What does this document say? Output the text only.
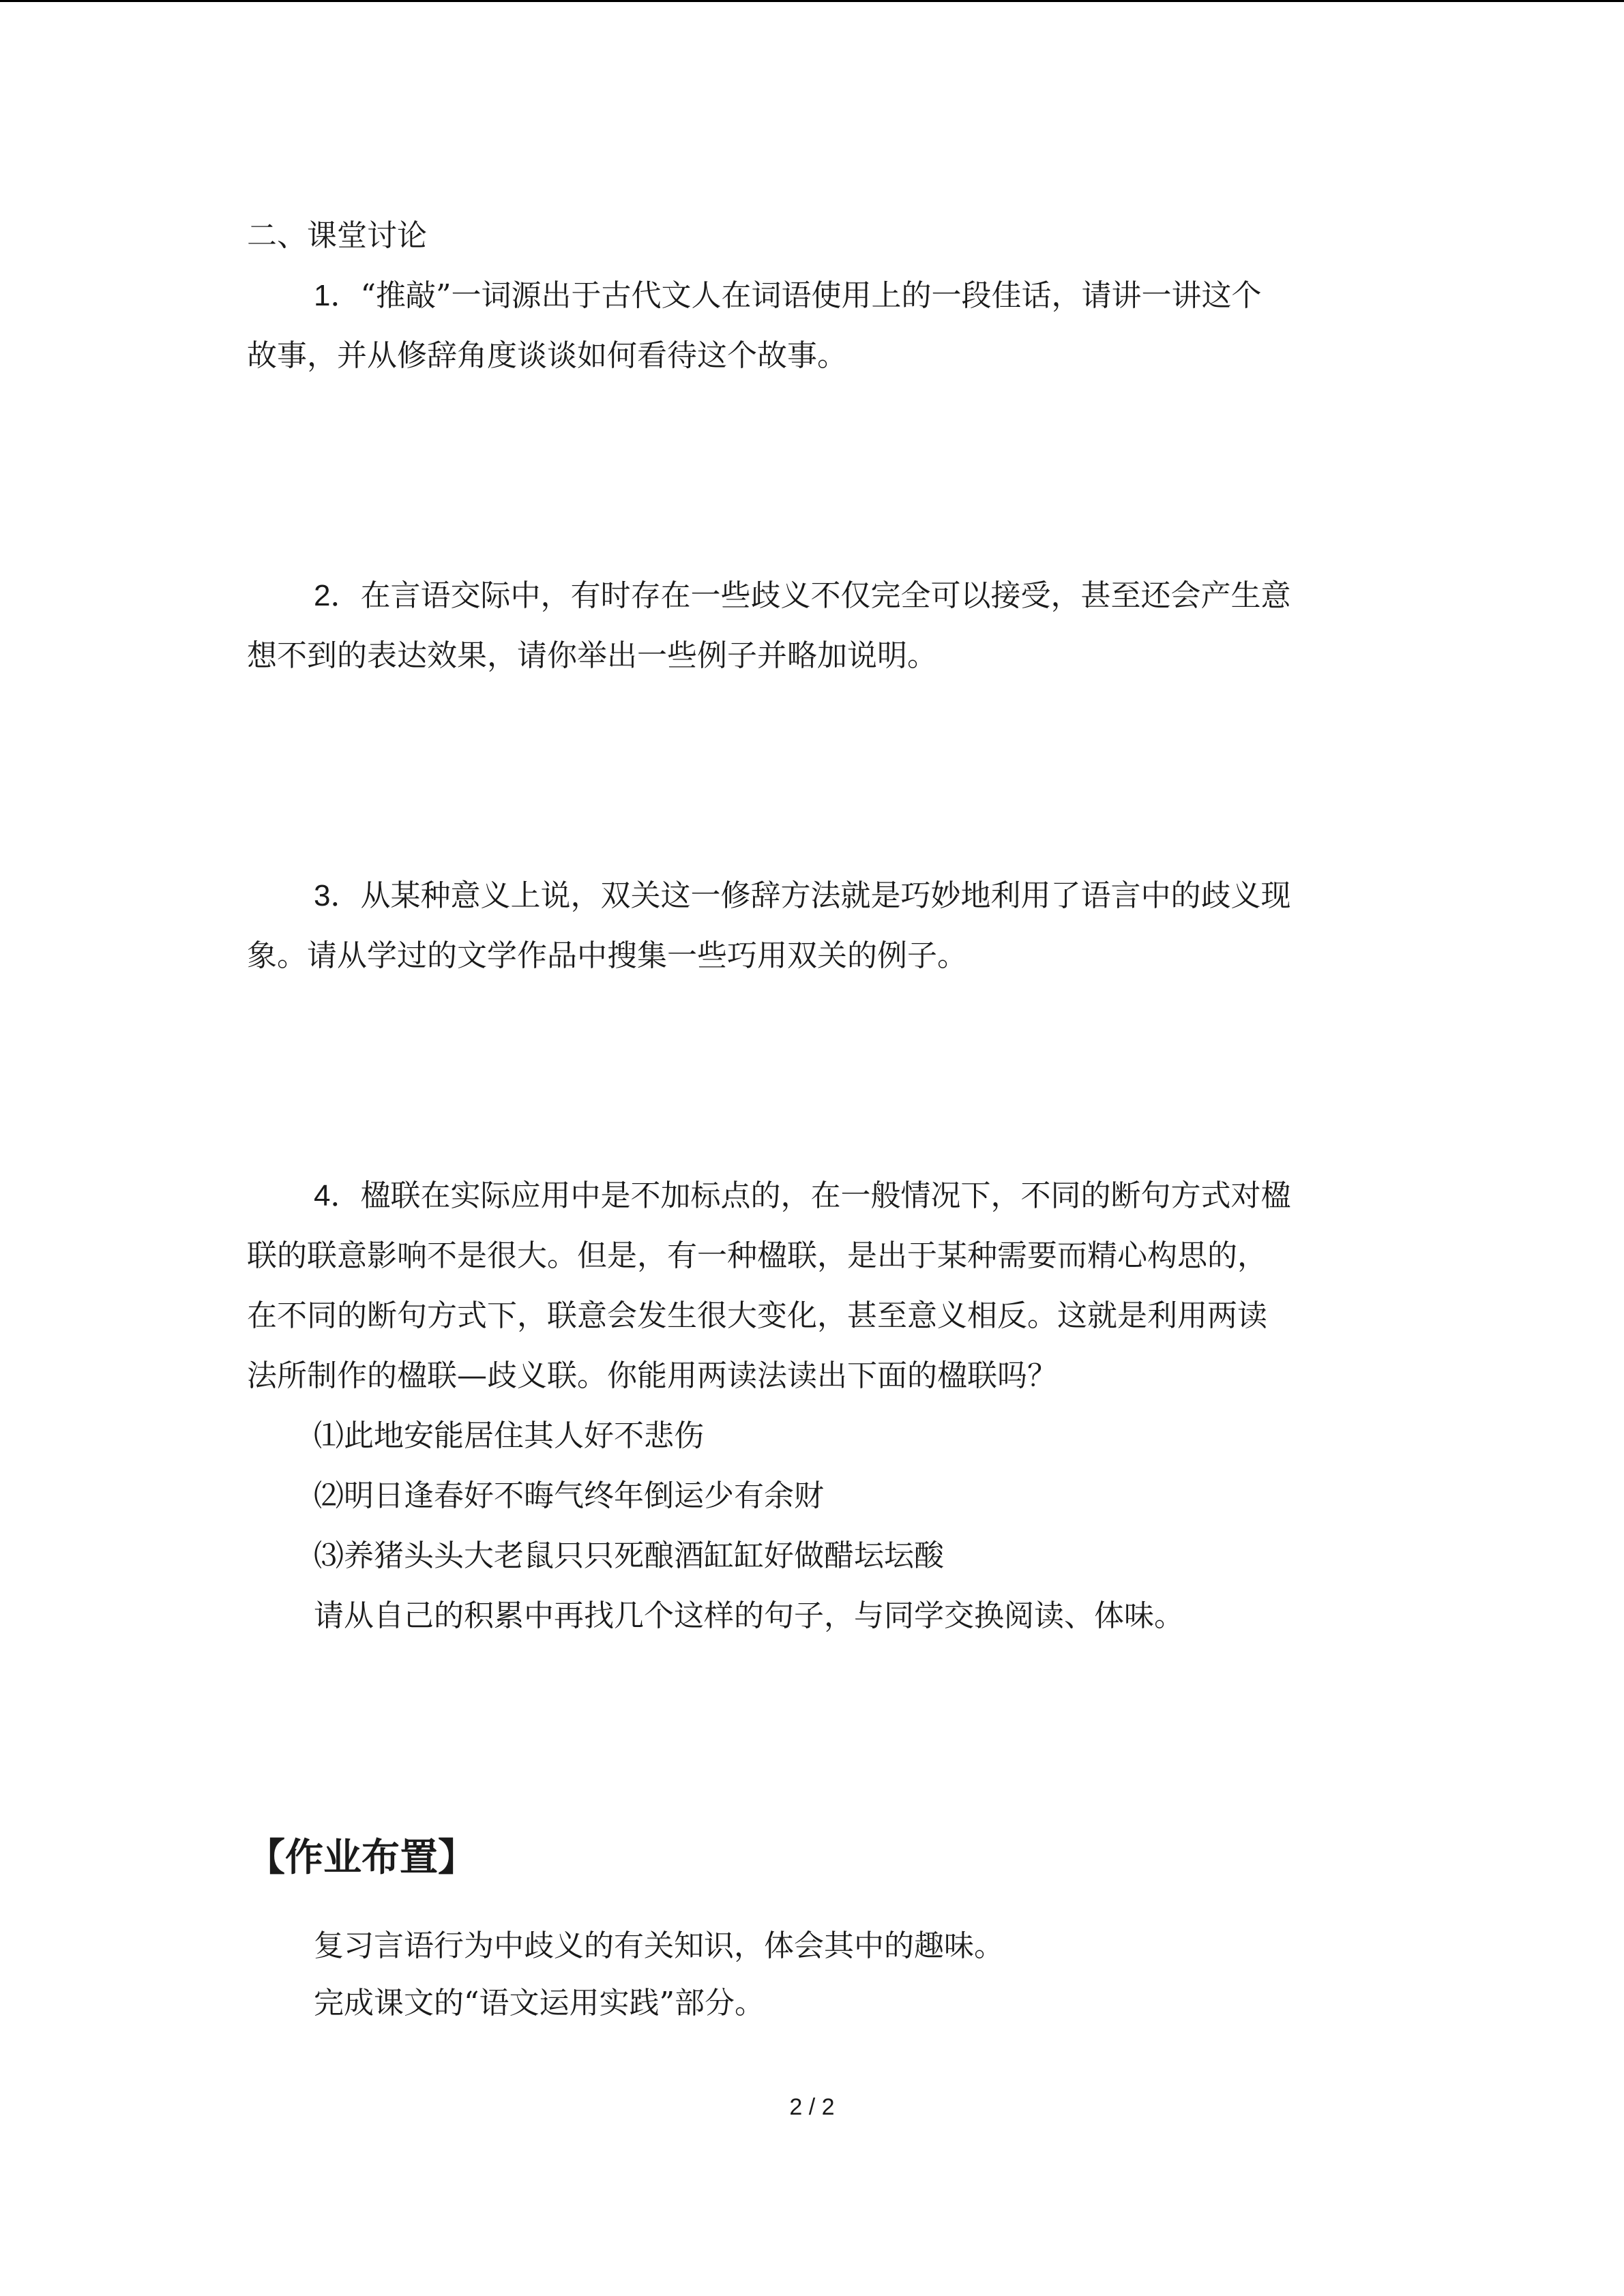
二、课堂讨论
1．“推敲”一词源出于古代文人在词语使用上的一段佳话，请讲一讲这个
故事，并从修辞角度谈谈如何看待这个故事。
2．在言语交际中，有时存在一些歧义不仅完全可以接受，甚至还会产生意
想不到的表达效果，请你举出一些例子并略加说明。
3．从某种意义上说，双关这一修辞方法就是巧妙地利用了语言中的歧义现
象。请从学过的文学作品中搜集一些巧用双关的例子。
4．楹联在实际应用中是不加标点的，在一般情况下，不同的断句方式对楹
联的联意影响不是很大。但是，有一种楹联，是出于某种需要而精心构思的，
在不同的断句方式下，联意会发生很大变化，甚至意义相反。这就是利用两读
法所制作的楹联—歧义联。你能用两读法读出下面的楹联吗？
⑴此地安能居住其人好不悲伤
⑵明日逢春好不晦气终年倒运少有余财
⑶养猪头头大老鼠只只死酿酒缸缸好做醋坛坛酸
请从自己的积累中再找几个这样的句子，与同学交换阅读、体味。
【作业布置】
复习言语行为中歧义的有关知识，体会其中的趣味。
完成课文的“语文运用实践”部分。
2 / 2
